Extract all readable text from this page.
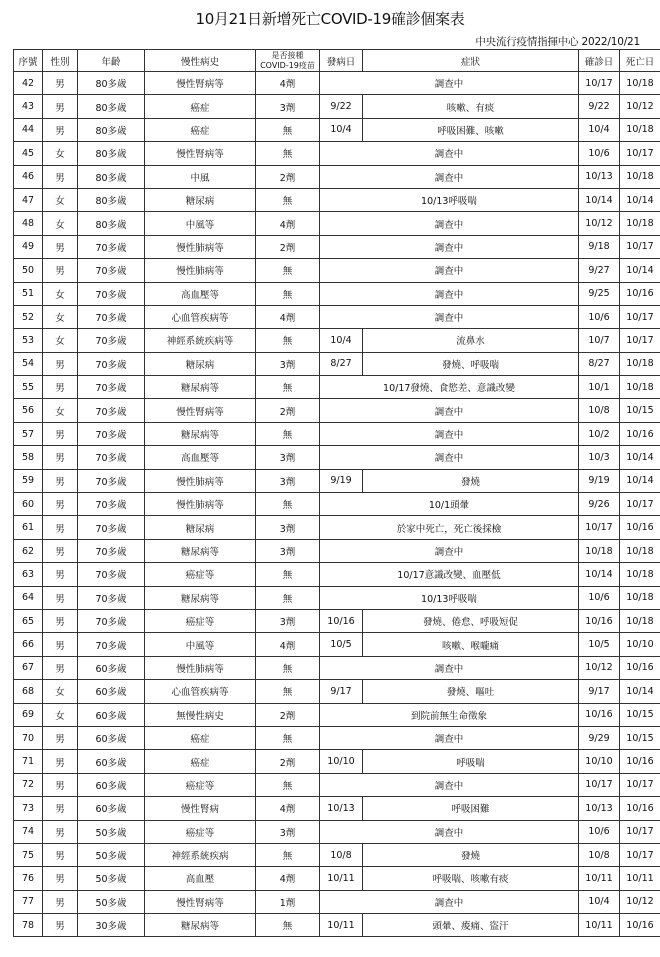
10月21日新增死亡COVID-19確診個案表
中央流行疫情指揮中心 2022/10/21
序號	性別	年齡	慢性病史	是否接種
COVID-19疫苗	發病日	症狀	確診日	死亡日
42	男	80多歲	慢性腎病等	4劑	調查中		10/17	10/18
43	男	80多歲	癌症	3劑	9/22	咳嗽、有痰	9/22	10/12
44	男	80多歲	癌症	無	10/4	呼吸困難、咳嗽	10/4	10/18
45	女	80多歲	慢性腎病等	無	調查中		10/6	10/17
46	男	80多歲	中風	2劑	調查中		10/13	10/18
47	女	80多歲	糖尿病	無	10/13呼吸喘		10/14	10/14
48	女	80多歲	中風等	4劑	調查中		10/12	10/18
49	男	70多歲	慢性肺病等	2劑	調查中		9/18	10/17
50	男	70多歲	慢性肺病等	無	調查中		9/27	10/14
51	女	70多歲	高血壓等	無	調查中		9/25	10/16
52	女	70多歲	心血管疾病等	4劑	調查中		10/6	10/17
53	女	70多歲	神經系統疾病等	無	10/4	流鼻水	10/7	10/17
54	男	70多歲	糖尿病	3劑	8/27	發燒、呼吸喘	8/27	10/18
55	男	70多歲	糖尿病等	無	10/17發燒、食慾差、意識改變		10/1	10/18
56	女	70多歲	慢性腎病等	2劑	調查中		10/8	10/15
57	男	70多歲	糖尿病等	無	調查中		10/2	10/16
58	男	70多歲	高血壓等	3劑	調查中		10/3	10/14
59	男	70多歲	慢性肺病等	3劑	9/19	發燒	9/19	10/14
60	男	70多歲	慢性肺病等	無	10/1頭暈		9/26	10/17
61	男	70多歲	糖尿病	3劑	於家中死亡，死亡後採檢		10/17	10/16
62	男	70多歲	糖尿病等	3劑	調查中		10/18	10/18
63	男	70多歲	癌症等	無	10/17意識改變、血壓低		10/14	10/18
64	男	70多歲	糖尿病等	無	10/13呼吸喘		10/6	10/18
65	男	70多歲	癌症等	3劑	10/16	發燒、倦怠、呼吸短促	10/16	10/18
66	男	70多歲	中風等	4劑	10/5	咳嗽、喉嚨痛	10/5	10/10
67	男	60多歲	慢性肺病等	無	調查中		10/12	10/16
68	女	60多歲	心血管疾病等	無	9/17	發燒、嘔吐	9/17	10/14
69	女	60多歲	無慢性病史	2劑	到院前無生命徵象		10/16	10/15
70	男	60多歲	癌症	無	調查中		9/29	10/15
71	男	60多歲	癌症	2劑	10/10	呼吸喘	10/10	10/16
72	男	60多歲	癌症等	無	調查中		10/17	10/17
73	男	60多歲	慢性腎病	4劑	10/13	呼吸困難	10/13	10/16
74	男	50多歲	癌症等	3劑	調查中		10/6	10/17
75	男	50多歲	神經系統疾病	無	10/8	發燒	10/8	10/17
76	男	50多歲	高血壓	4劑	10/11	呼吸喘、咳嗽有痰	10/11	10/11
77	男	50多歲	慢性腎病等	1劑	調查中		10/4	10/12
78	男	30多歲	糖尿病等	無	10/11	頭暈、痠痛、盜汗	10/11	10/16
